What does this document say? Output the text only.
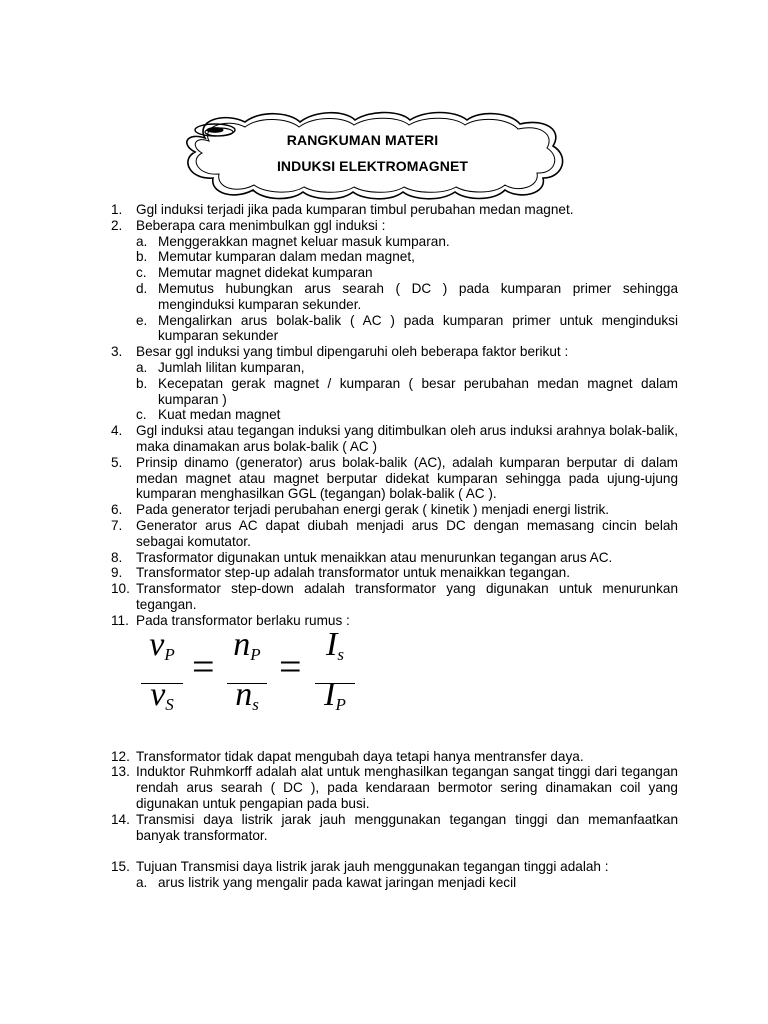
RANGKUMAN MATERI
INDUKSI ELEKTROMAGNET
1. Ggl induksi terjadi jika pada kumparan timbul perubahan medan magnet.
2. Beberapa cara menimbulkan ggl induksi :
a. Menggerakkan magnet keluar masuk kumparan.
b. Memutar kumparan dalam medan magnet,
c. Memutar magnet didekat kumparan
d. Memutus hubungkan arus searah ( DC ) pada kumparan primer sehingga menginduksi kumparan sekunder.
e. Mengalirkan arus bolak-balik ( AC ) pada kumparan primer untuk menginduksi kumparan sekunder
3. Besar ggl induksi yang timbul dipengaruhi oleh beberapa faktor berikut :
a. Jumlah lilitan kumparan,
b. Kecepatan gerak magnet / kumparan ( besar perubahan medan magnet dalam kumparan )
c. Kuat medan magnet
4. Ggl induksi atau tegangan induksi yang ditimbulkan oleh arus induksi arahnya bolak-balik, maka dinamakan arus bolak-balik ( AC )
5. Prinsip dinamo (generator) arus bolak-balik (AC), adalah kumparan berputar di dalam medan magnet atau magnet berputar didekat kumparan sehingga pada ujung-ujung kumparan menghasilkan GGL (tegangan) bolak-balik ( AC ).
6. Pada generator terjadi perubahan energi gerak ( kinetik ) menjadi energi listrik.
7. Generator arus AC dapat diubah menjadi arus DC dengan memasang cincin belah sebagai komutator.
8. Trasformator digunakan untuk menaikkan atau menurunkan tegangan arus AC.
9. Transformator step-up adalah transformator untuk menaikkan tegangan.
10. Transformator step-down adalah transformator yang digunakan untuk menurunkan tegangan.
11. Pada transformator berlaku rumus :
$v_P$
$v_S$
= $n_P$
$n_s$
= $I_s$
$I_P$
12. Transformator tidak dapat mengubah daya tetapi hanya mentransfer daya.
13. Induktor Ruhmkorff adalah alat untuk menghasilkan tegangan sangat tinggi dari tegangan rendah arus searah ( DC ), pada kendaraan bermotor sering dinamakan coil yang digunakan untuk pengapian pada busi.
14. Transmisi daya listrik jarak jauh menggunakan tegangan tinggi dan memanfaatkan banyak transformator.
15. Tujuan Transmisi daya listrik jarak jauh menggunakan tegangan tinggi adalah :
a. arus listrik yang mengalir pada kawat jaringan menjadi kecil
